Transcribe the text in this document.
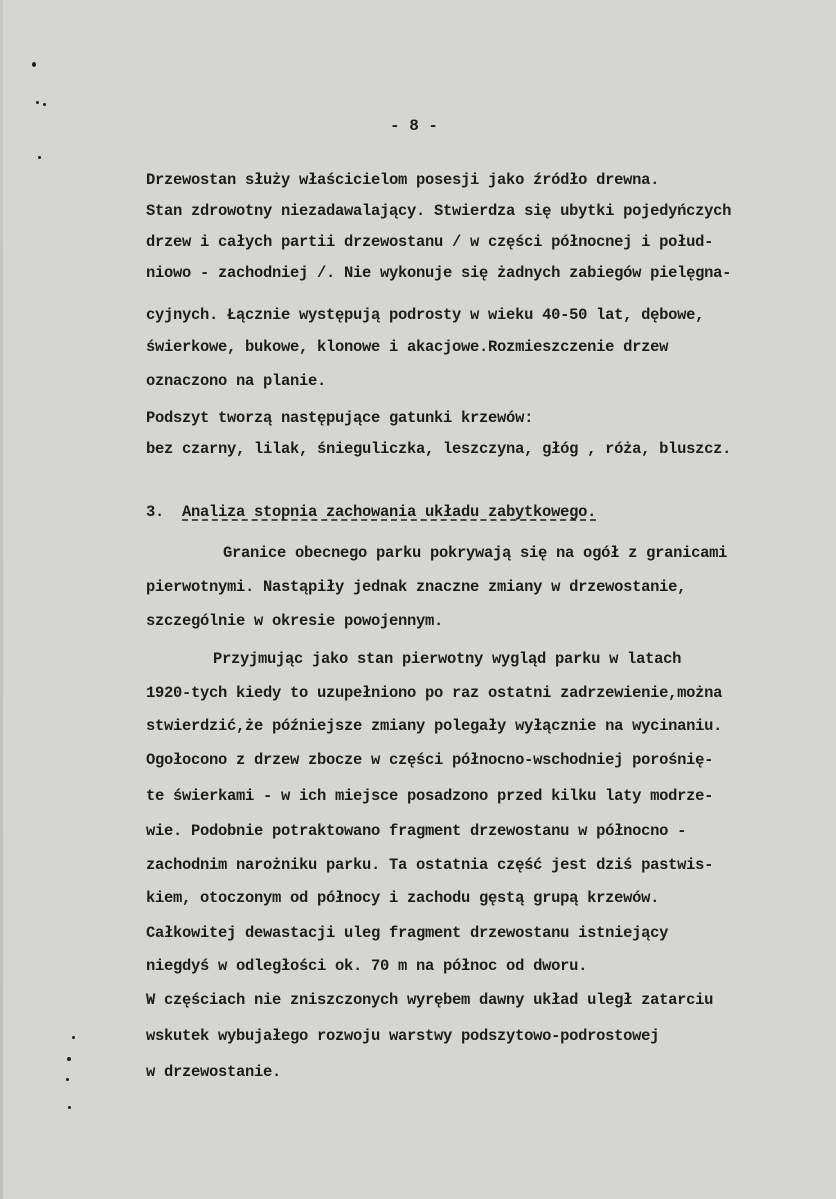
- 8 -

Drzewostan służy właścicielom posesji jako źródło drewna.

Stan zdrowotny niezadawalający. Stwierdza się ubytki pojedyńczych

drzew i całych partii drzewostanu / w części północnej i połud-

niowo - zachodniej /. Nie wykonuje się żadnych zabiegów pielęgna-

cyjnych. Łącznie występują podrosty w wieku 40-50 lat, dębowe,

świerkowe, bukowe, klonowe i akacjowe.Rozmieszczenie drzew

oznaczono na planie.

Podszyt tworzą następujące gatunki krzewów:

bez czarny, lilak, śnieguliczka, leszczyna, głóg , róża, bluszcz.

3. Analiza stopnia zachowania układu zabytkowego.

Granice obecnego parku pokrywają się na ogół z granicami

pierwotnymi. Nastąpiły jednak znaczne zmiany w drzewostanie,

szczególnie w okresie powojennym.

Przyjmując jako stan pierwotny wygląd parku w latach

1920-tych kiedy to uzupełniono po raz ostatni zadrzewienie,można

stwierdzić,że późniejsze zmiany polegały wyłącznie na wycinaniu.

Ogołocono z drzew zbocze w części północno-wschodniej porośnię-

te świerkami - w ich miejsce posadzono przed kilku laty modrze-

wie. Podobnie potraktowano fragment drzewostanu w północno -

zachodnim narożniku parku. Ta ostatnia część jest dziś pastwis-

kiem, otoczonym od północy i zachodu gęstą grupą krzewów.

Całkowitej dewastacji uleg fragment drzewostanu istniejący

niegdyś w odległości ok. 70 m na północ od dworu.

W częściach nie zniszczonych wyrębem dawny układ uległ zatarciu

wskutek wybujałego rozwoju warstwy podszytowo-podrostowej

w drzewostanie.
